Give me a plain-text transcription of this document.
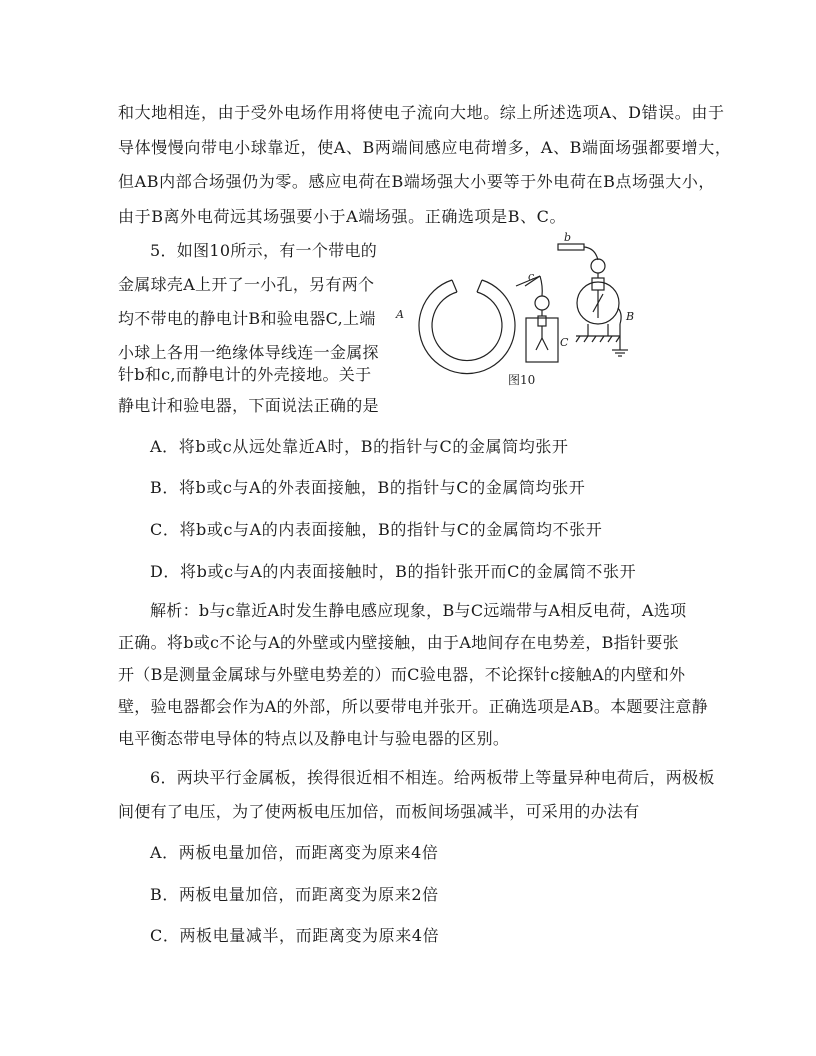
和大地相连，由于受外电场作用将使电子流向大地。综上所述选项A、D错误。由于
导体慢慢向带电小球靠近，使A、B两端间感应电荷增多，A、B端面场强都要增大，
但AB内部合场强仍为零。感应电荷在B端场强大小要等于外电荷在B点场强大小，
由于B离外电荷远其场强要小于A端场强。正确选项是B、C。
5．如图10所示，有一个带电的
金属球壳A上开了一小孔，另有两个
均不带电的静电计B和验电器C,上端
小球上各用一绝缘体导线连一金属探
针b和c,而静电计的外壳接地。关于
静电计和验电器，下面说法正确的是
A
c
C
b
B
图10
A．将b或c从远处靠近A时，B的指针与C的金属筒均张开
B．将b或c与A的外表面接触，B的指针与C的金属筒均张开
C．将b或c与A的内表面接触，B的指针与C的金属筒均不张开
D．将b或c与A的内表面接触时，B的指针张开而C的金属筒不张开
解析：b与c靠近A时发生静电感应现象，B与C远端带与A相反电荷，A选项
正确。将b或c不论与A的外壁或内壁接触，由于A地间存在电势差，B指针要张
开（B是测量金属球与外壁电势差的）而C验电器，不论探针c接触A的内壁和外
壁，验电器都会作为A的外部，所以要带电并张开。正确选项是AB。本题要注意静
电平衡态带电导体的特点以及静电计与验电器的区别。
6．两块平行金属板，挨得很近相不相连。给两板带上等量异种电荷后，两极板
间便有了电压，为了使两板电压加倍，而板间场强减半，可采用的办法有
A．两板电量加倍，而距离变为原来4倍
B．两板电量加倍，而距离变为原来2倍
C．两板电量减半，而距离变为原来4倍
